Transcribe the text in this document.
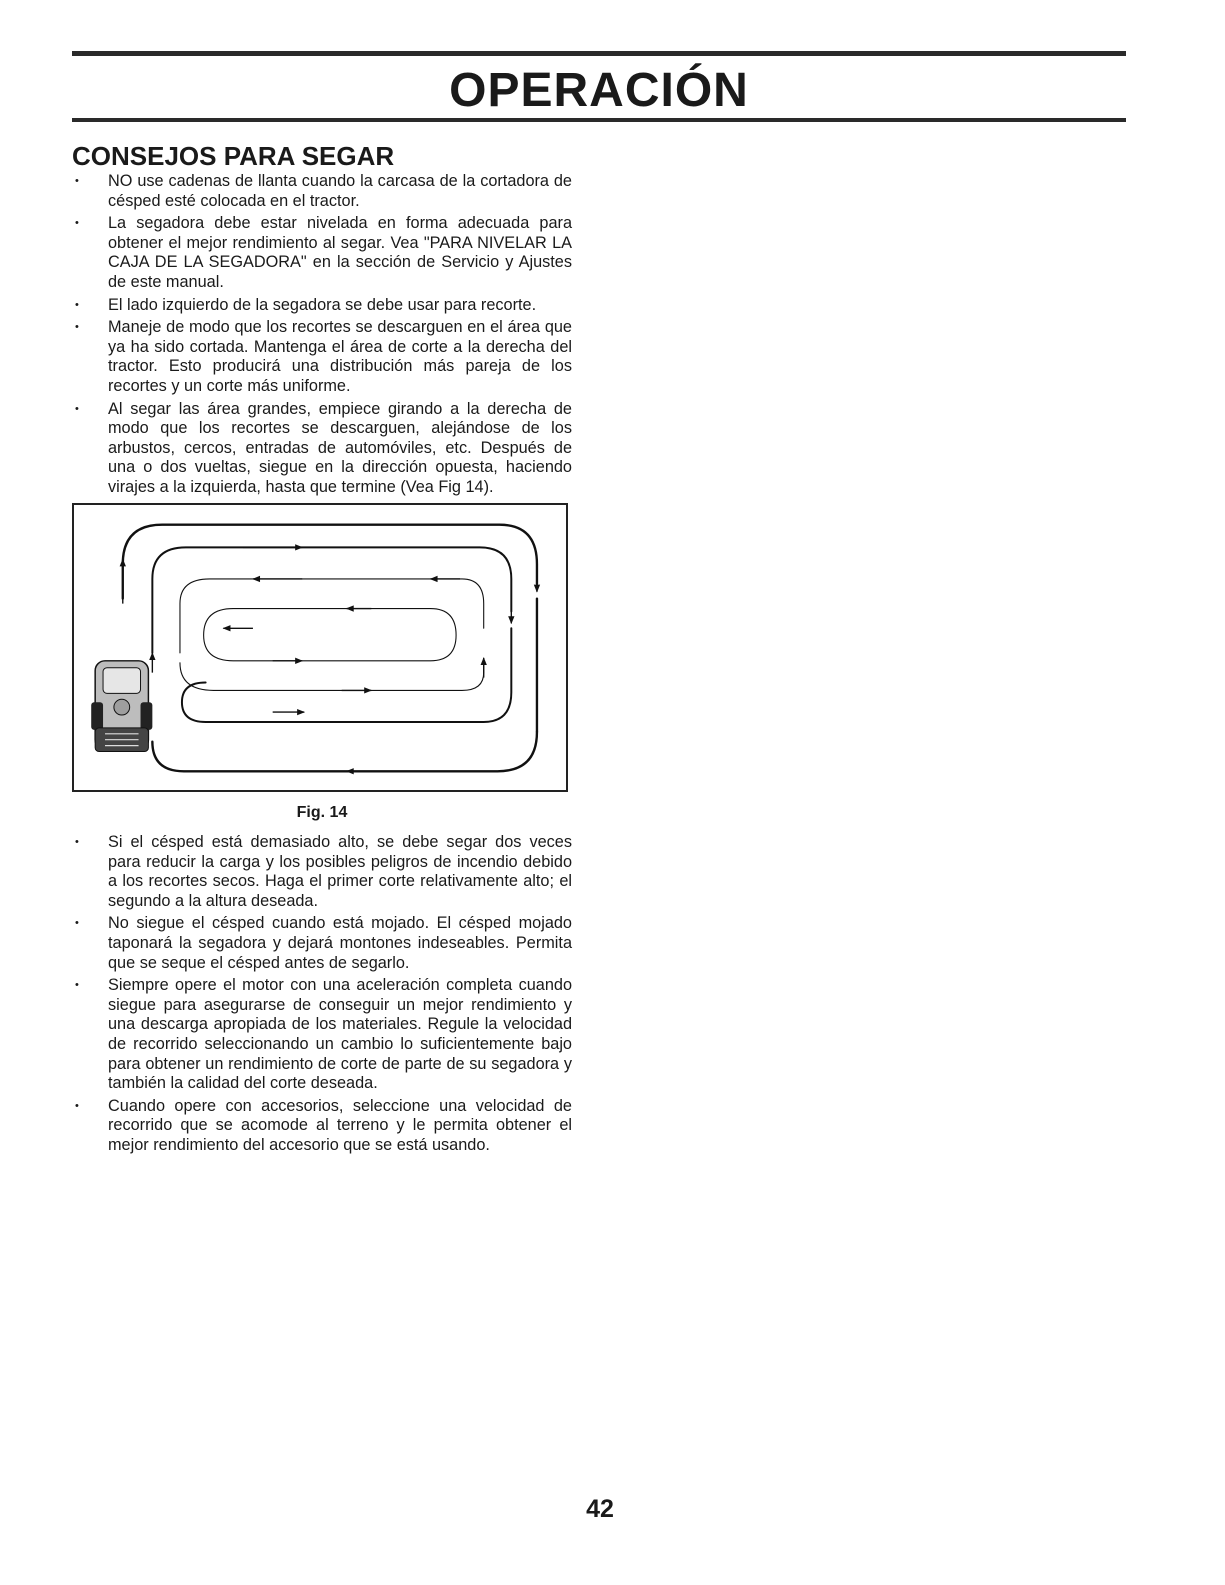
OPERACIÓN
CONSEJOS PARA SEGAR
• NO use cadenas de llanta cuando la carcasa de la cortadora de césped esté colocada en el tractor.
• La segadora debe estar nivelada en forma adecuada para obtener el mejor rendimiento al segar. Vea "PARA NIVELAR LA CAJA DE LA SEGADORA" en la sección de Servicio y Ajustes de este manual.
• El lado izquierdo de la segadora se debe usar para recorte.
• Maneje de modo que los recortes se descarguen en el área que ya ha sido cortada. Mantenga el área de corte a la derecha del tractor. Esto producirá una distribución más pareja de los recortes y un corte más uniforme.
• Al segar las área grandes, empiece girando a la derecha de modo que los recortes se descarguen, alejándose de los arbustos, cercos, entradas de automóviles, etc. Después de una o dos vueltas, siegue en la dirección opuesta, haciendo virajes a la izquierda, hasta que termine (Vea Fig 14).
Fig. 14
• Si el césped está demasiado alto, se debe segar dos veces para reducir la carga y los posibles peligros de incendio debido a los recortes secos. Haga el primer corte relativamente alto; el segundo a la altura deseada.
• No siegue el césped cuando está mojado. El césped mojado taponará la segadora y dejará montones indeseables. Permita que se seque el césped antes de segarlo.
• Siempre opere el motor con una aceleración completa cuando siegue para asegurarse de conseguir un mejor rendimiento y una descarga apropiada de los materiales. Regule la velocidad de recorrido seleccionando un cambio lo suficientemente bajo para obtener un rendimiento de corte de parte de su segadora y también la calidad del corte deseada.
• Cuando opere con accesorios, seleccione una velocidad de recorrido que se acomode al terreno y le permita obtener el mejor rendimiento del accesorio que se está usando.
42
